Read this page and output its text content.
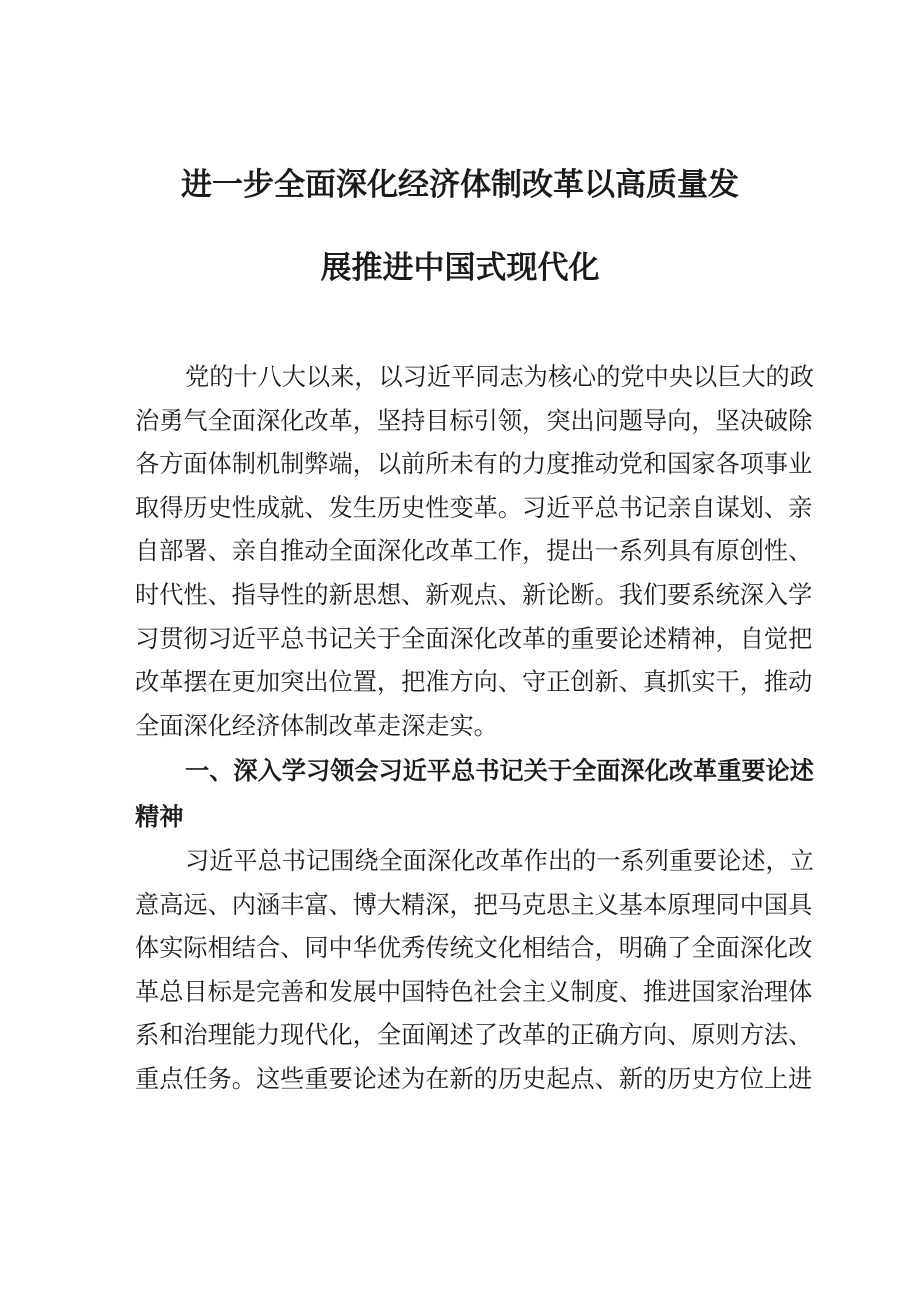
进一步全面深化经济体制改革以高质量发
展推进中国式现代化
党的十八大以来，以习近平同志为核心的党中央以巨大的政
治勇气全面深化改革，坚持目标引领，突出问题导向，坚决破除
各方面体制机制弊端，以前所未有的力度推动党和国家各项事业
取得历史性成就、发生历史性变革。习近平总书记亲自谋划、亲
自部署、亲自推动全面深化改革工作，提出一系列具有原创性、
时代性、指导性的新思想、新观点、新论断。我们要系统深入学
习贯彻习近平总书记关于全面深化改革的重要论述精神，自觉把
改革摆在更加突出位置，把准方向、守正创新、真抓实干，推动
全面深化经济体制改革走深走实。
一、深入学习领会习近平总书记关于全面深化改革重要论述
精神
习近平总书记围绕全面深化改革作出的一系列重要论述，立
意高远、内涵丰富、博大精深，把马克思主义基本原理同中国具
体实际相结合、同中华优秀传统文化相结合，明确了全面深化改
革总目标是完善和发展中国特色社会主义制度、推进国家治理体
系和治理能力现代化，全面阐述了改革的正确方向、原则方法、
重点任务。这些重要论述为在新的历史起点、新的历史方位上进
